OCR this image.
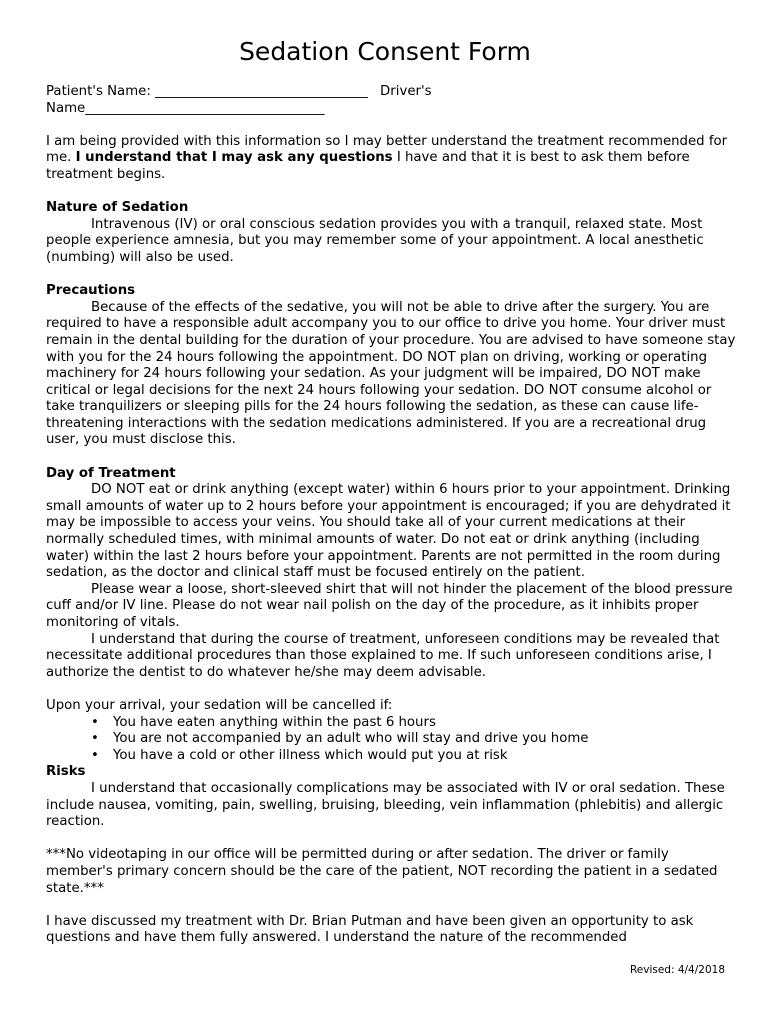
Sedation Consent Form

Patient's Name: ________________________________ Driver's

Name____________________________________

I am being provided with this information so I may better understand the treatment recommended for me. I understand that I may ask any questions I have and that it is best to ask them before treatment begins.

Nature of Sedation

Intravenous (IV) or oral conscious sedation provides you with a tranquil, relaxed state. Most people experience amnesia, but you may remember some of your appointment. A local anesthetic (numbing) will also be used.

Precautions

Because of the effects of the sedative, you will not be able to drive after the surgery. You are required to have a responsible adult accompany you to our office to drive you home. Your driver must remain in the dental building for the duration of your procedure. You are advised to have someone stay with you for the 24 hours following the appointment. DO NOT plan on driving, working or operating machinery for 24 hours following your sedation. As your judgment will be impaired, DO NOT make critical or legal decisions for the next 24 hours following your sedation. DO NOT consume alcohol or take tranquilizers or sleeping pills for the 24 hours following the sedation, as these can cause life-threatening interactions with the sedation medications administered. If you are a recreational drug user, you must disclose this.

Day of Treatment

DO NOT eat or drink anything (except water) within 6 hours prior to your appointment. Drinking small amounts of water up to 2 hours before your appointment is encouraged; if you are dehydrated it may be impossible to access your veins. You should take all of your current medications at their normally scheduled times, with minimal amounts of water. Do not eat or drink anything (including water) within the last 2 hours before your appointment. Parents are not permitted in the room during sedation, as the doctor and clinical staff must be focused entirely on the patient.

Please wear a loose, short-sleeved shirt that will not hinder the placement of the blood pressure cuff and/or IV line. Please do not wear nail polish on the day of the procedure, as it inhibits proper monitoring of vitals.

I understand that during the course of treatment, unforeseen conditions may be revealed that necessitate additional procedures than those explained to me. If such unforeseen conditions arise, I authorize the dentist to do whatever he/she may deem advisable.

Upon your arrival, your sedation will be cancelled if:

• You have eaten anything within the past 6 hours
• You are not accompanied by an adult who will stay and drive you home
• You have a cold or other illness which would put you at risk

Risks

I understand that occasionally complications may be associated with IV or oral sedation. These include nausea, vomiting, pain, swelling, bruising, bleeding, vein inflammation (phlebitis) and allergic reaction.

***No videotaping in our office will be permitted during or after sedation. The driver or family member's primary concern should be the care of the patient, NOT recording the patient in a sedated state.***

I have discussed my treatment with Dr. Brian Putman and have been given an opportunity to ask questions and have them fully answered. I understand the nature of the recommended

Revised: 4/4/2018
